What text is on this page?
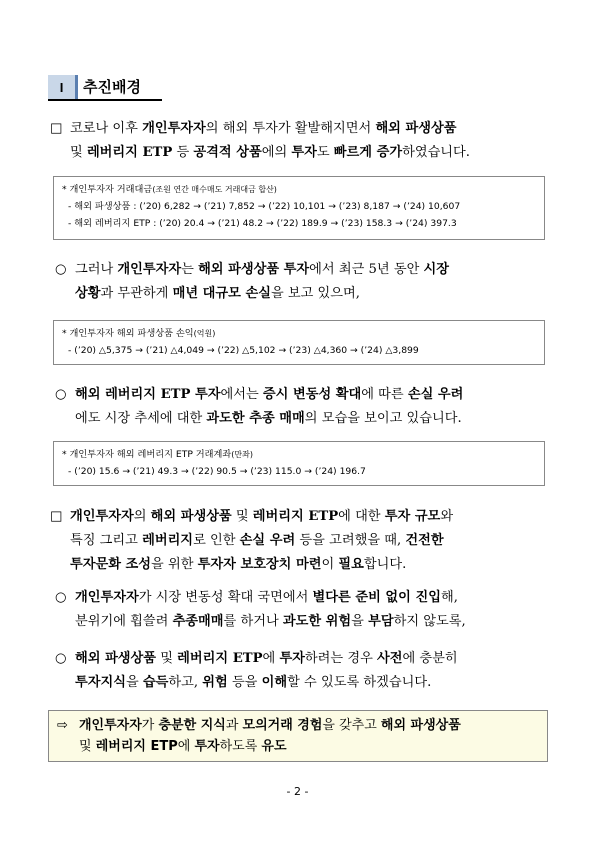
I	추진배경
□ 코로나 이후 개인투자자의 해외 투자가 활발해지면서 해외 파생상품
및 레버리지 ETP 등 공격적 상품에의 투자도 빠르게 증가하였습니다.
* 개인투자자 거래대금(조원 연간 매수매도 거래대금 합산)
- 해외 파생상품 : (’20) 6,282 → (’21) 7,852 → (’22) 10,101 → (’23) 8,187 → (’24) 10,607
- 해외 레버리지 ETP : (’20) 20.4 → (’21) 48.2 → (’22) 189.9 → (’23) 158.3 → (’24) 397.3
○ 그러나 개인투자자는 해외 파생상품 투자에서 최근 5년 동안 시장
상황과 무관하게 매년 대규모 손실을 보고 있으며,
* 개인투자자 해외 파생상품 손익(억원)
- (’20) △5,375 → (’21) △4,049 → (’22) △5,102 → (’23) △4,360 → (’24) △3,899
○ 해외 레버리지 ETP 투자에서는 증시 변동성 확대에 따른 손실 우려
에도 시장 추세에 대한 과도한 추종 매매의 모습을 보이고 있습니다.
* 개인투자자 해외 레버리지 ETP 거래계좌(만좌)
- (’20) 15.6 → (’21) 49.3 → (’22) 90.5 → (’23) 115.0 → (’24) 196.7
□ 개인투자자의 해외 파생상품 및 레버리지 ETP에 대한 투자 규모와
특징 그리고 레버리지로 인한 손실 우려 등을 고려했을 때, 건전한
투자문화 조성을 위한 투자자 보호장치 마련이 필요합니다.
○ 개인투자자가 시장 변동성 확대 국면에서 별다른 준비 없이 진입해,
분위기에 휩쓸려 추종매매를 하거나 과도한 위험을 부담하지 않도록,
○ 해외 파생상품 및 레버리지 ETP에 투자하려는 경우 사전에 충분히
투자지식을 습득하고, 위험 등을 이해할 수 있도록 하겠습니다.
⇨ 개인투자자가 충분한 지식과 모의거래 경험을 갖추고 해외 파생상품
및 레버리지 ETP에 투자하도록 유도
- 2 -
